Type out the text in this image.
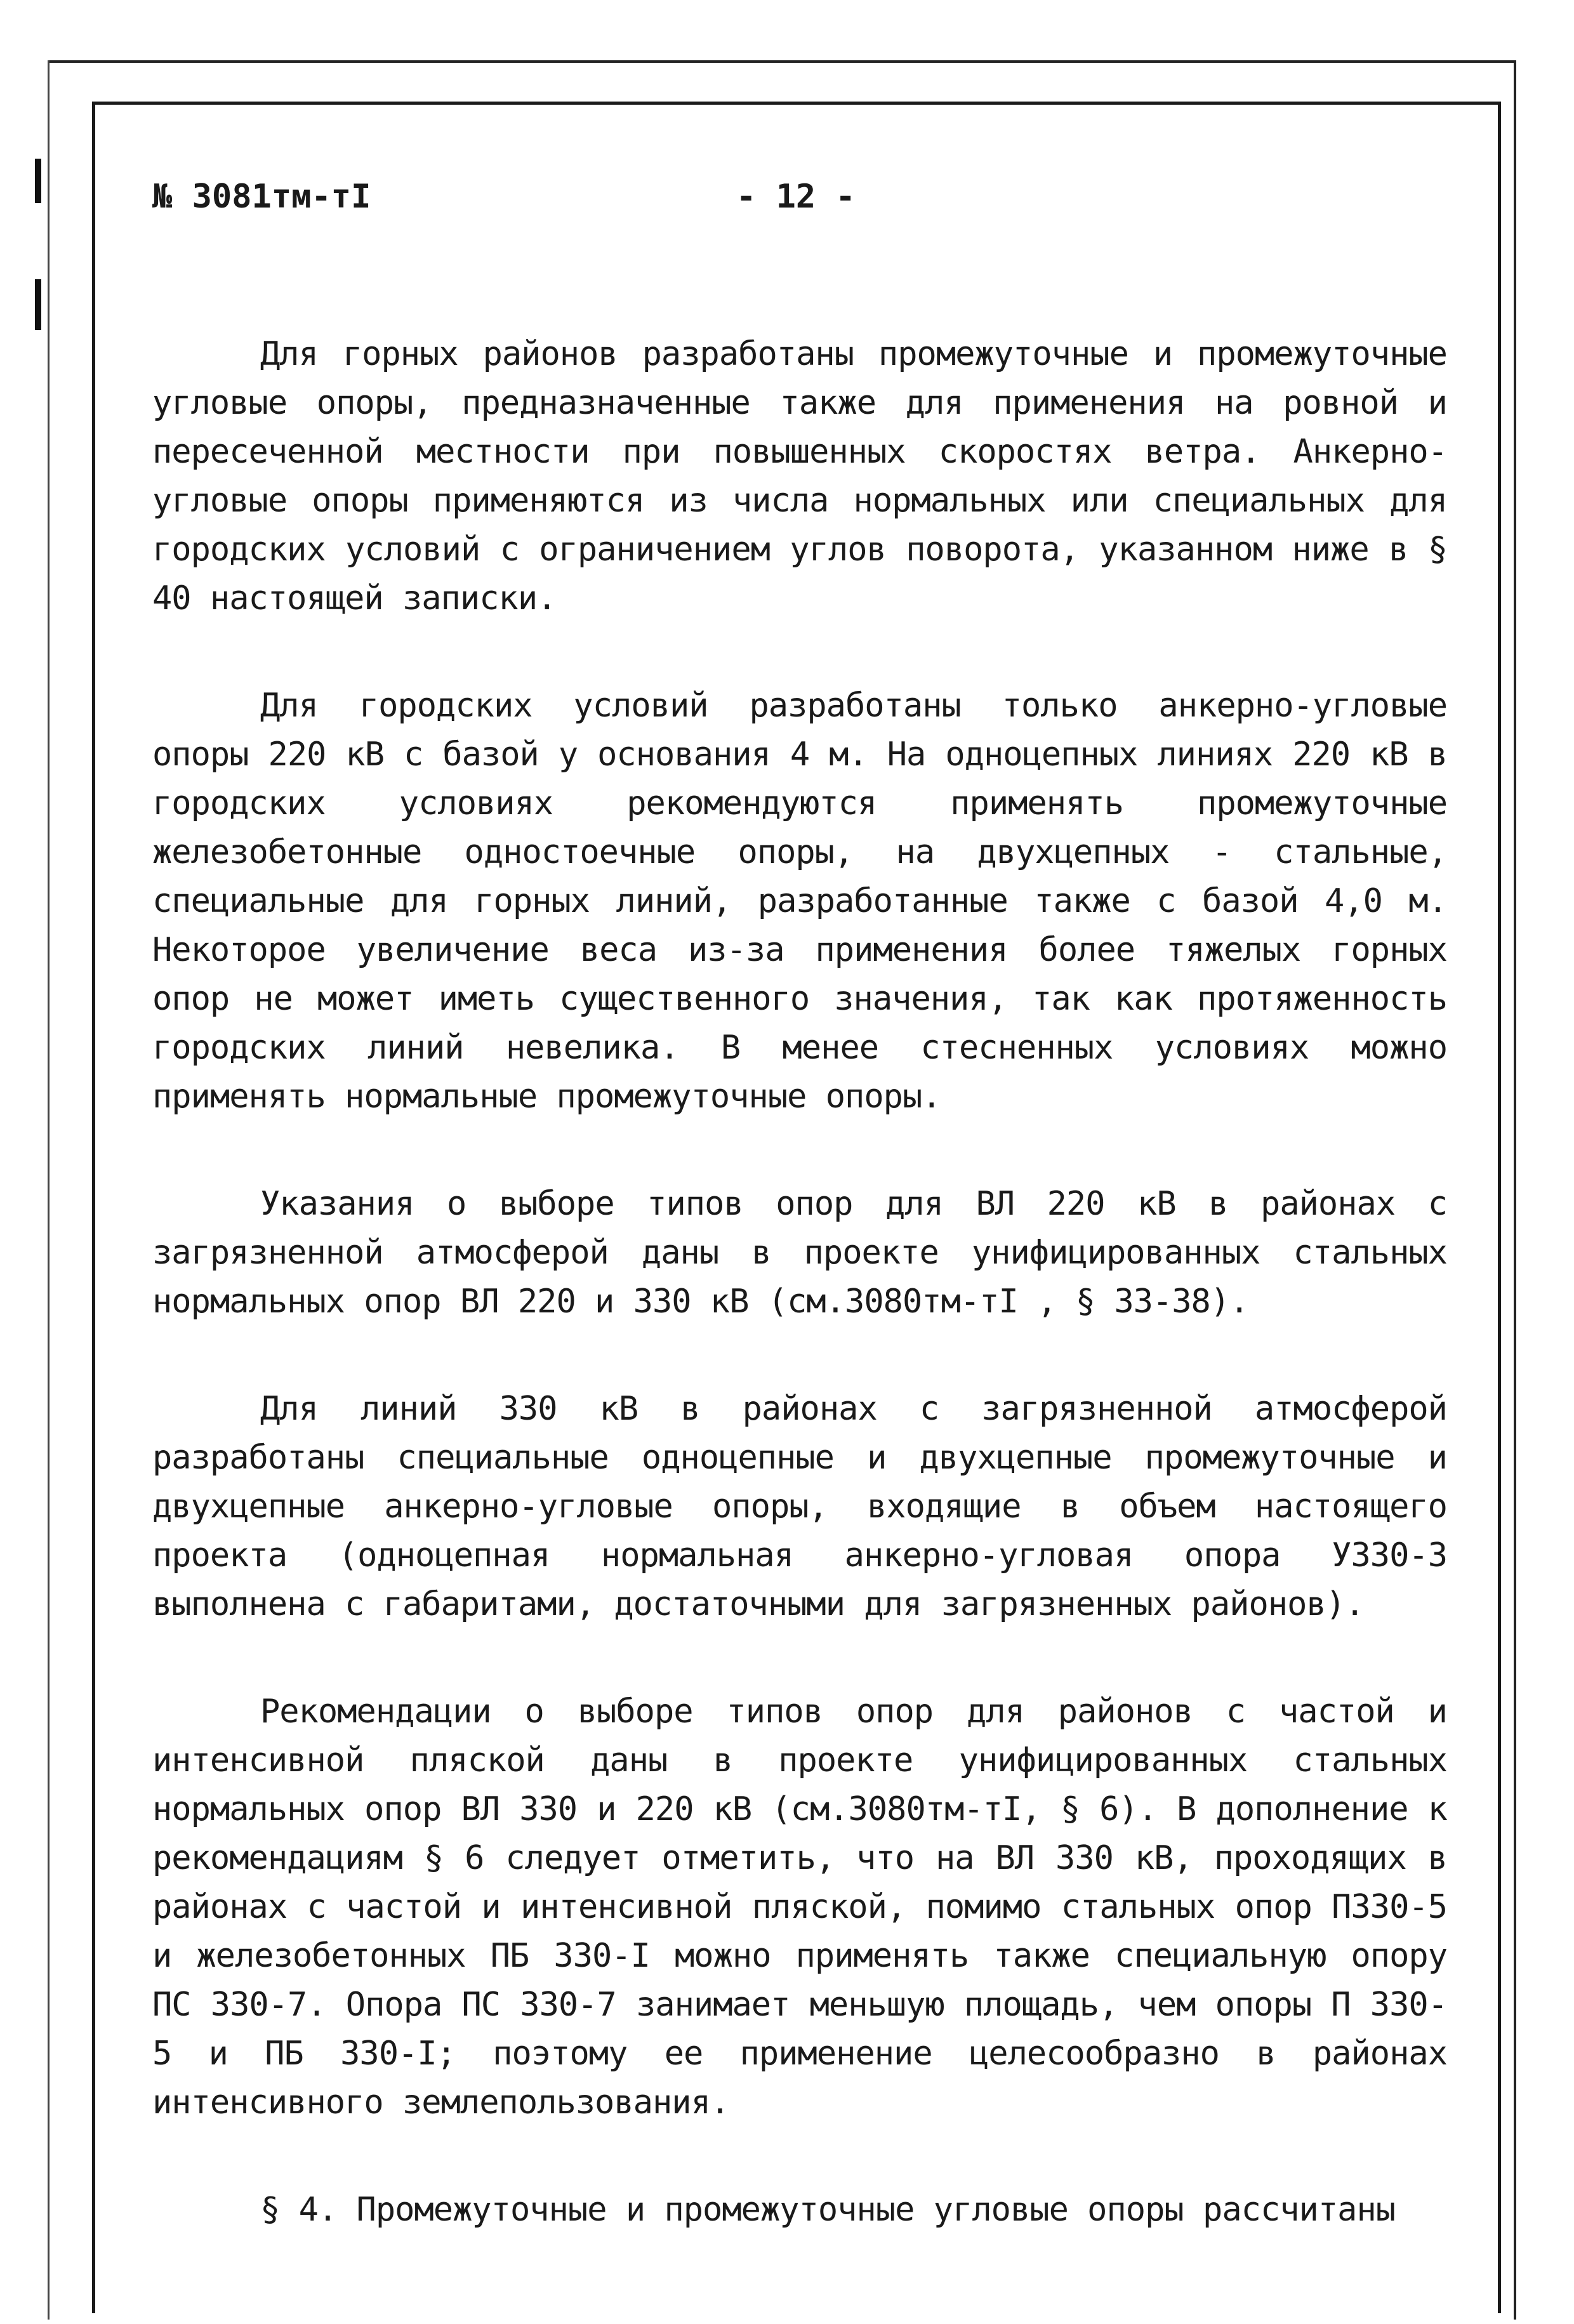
№ 3081тм-тI	- 12 -

Для горных районов разработаны промежуточные и промежуточные угловые опоры, предназначенные также для применения на ровной и пересеченной местности при повышенных скоростях ветра. Анкерно-угловые опоры применяются из числа нормальных или специальных для городских условий с ограничением углов поворота, указанном ниже в § 40 настоящей записки.

Для городских условий разработаны только анкерно-угловые опоры 220 кВ с базой у основания 4 м. На одноцепных линиях 220 кВ в городских условиях рекомендуются применять промежуточные железобетонные одностоечные опоры, на двухцепных - стальные, специальные для горных линий, разработанные также с базой 4,0 м. Некоторое увеличение веса из-за применения более тяжелых горных опор не может иметь существенного значения, так как протяженность городских линий невелика. В менее стесненных условиях можно применять нормальные промежуточные опоры.

Указания о выборе типов опор для ВЛ 220 кВ в районах с загрязненной атмосферой даны в проекте унифицированных стальных нормальных опор ВЛ 220 и 330 кВ (см.3080тм-тI , § 33-38).

Для линий 330 кВ в районах с загрязненной атмосферой разработаны специальные одноцепные и двухцепные промежуточные и двухцепные анкерно-угловые опоры, входящие в объем настоящего проекта (одноцепная нормальная анкерно-угловая опора У330-3 выполнена с габаритами, достаточными для загрязненных районов).

Рекомендации о выборе типов опор для районов с частой и интенсивной пляской даны в проекте унифицированных стальных нормальных опор ВЛ 330 и 220 кВ (см.3080тм-тI, § 6). В дополнение к рекомендациям § 6 следует отметить, что на ВЛ 330 кВ, проходящих в районах с частой и интенсивной пляской, помимо стальных опор П330-5 и железобетонных ПБ 330-I можно применять также специальную опору ПС 330-7. Опора ПС 330-7 занимает меньшую площадь, чем опоры П 330-5 и ПБ 330-I; поэтому ее применение целесообразно в районах интенсивного землепользования.

§ 4. Промежуточные и промежуточные угловые опоры рассчитаны
